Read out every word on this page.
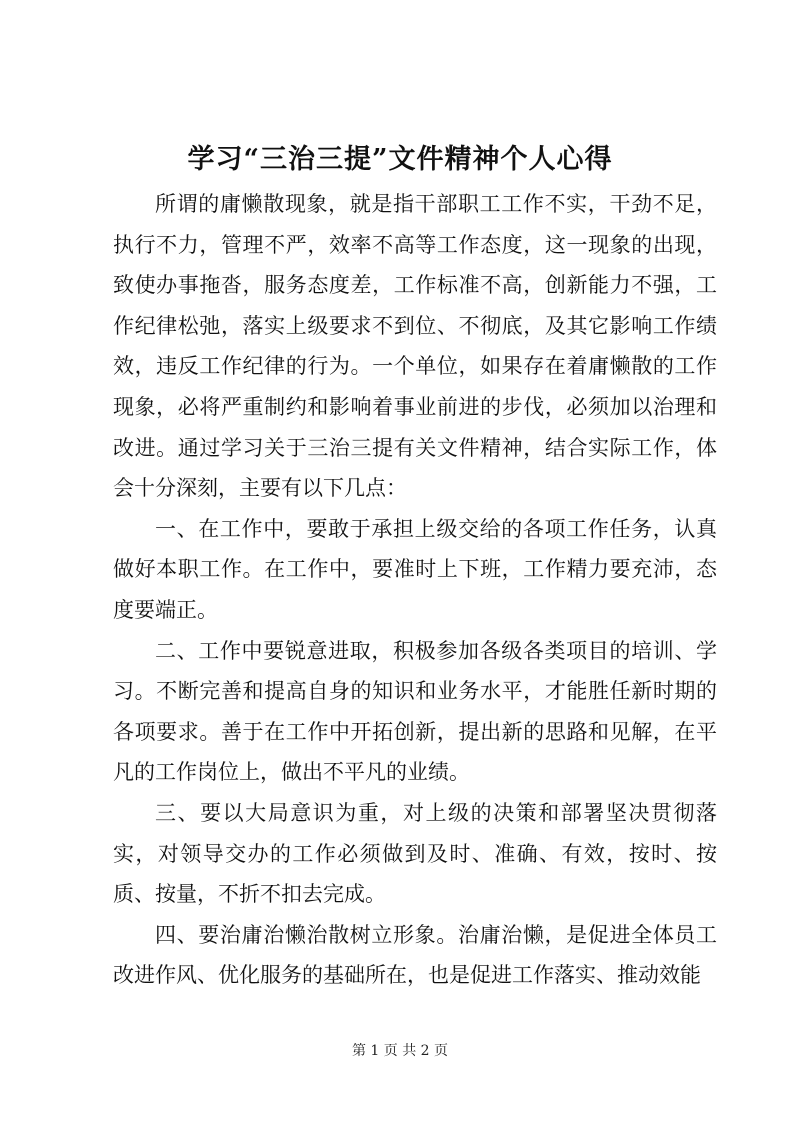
学习“三治三提”文件精神个人心得

所谓的庸懒散现象，就是指干部职工工作不实，干劲不足，执行不力，管理不严，效率不高等工作态度，这一现象的出现，致使办事拖沓，服务态度差，工作标准不高，创新能力不强，工作纪律松弛，落实上级要求不到位、不彻底，及其它影响工作绩效，违反工作纪律的行为。一个单位，如果存在着庸懒散的工作现象，必将严重制约和影响着事业前进的步伐，必须加以治理和改进。通过学习关于三治三提有关文件精神，结合实际工作，体会十分深刻，主要有以下几点：

一、在工作中，要敢于承担上级交给的各项工作任务，认真做好本职工作。在工作中，要准时上下班，工作精力要充沛，态度要端正。

二、工作中要锐意进取，积极参加各级各类项目的培训、学习。不断完善和提高自身的知识和业务水平，才能胜任新时期的各项要求。善于在工作中开拓创新，提出新的思路和见解，在平凡的工作岗位上，做出不平凡的业绩。

三、要以大局意识为重，对上级的决策和部署坚决贯彻落实，对领导交办的工作必须做到及时、准确、有效，按时、按质、按量，不折不扣去完成。

四、要治庸治懒治散树立形象。治庸治懒，是促进全体员工改进作风、优化服务的基础所在，也是促进工作落实、推动效能

第 1 页 共 2 页
